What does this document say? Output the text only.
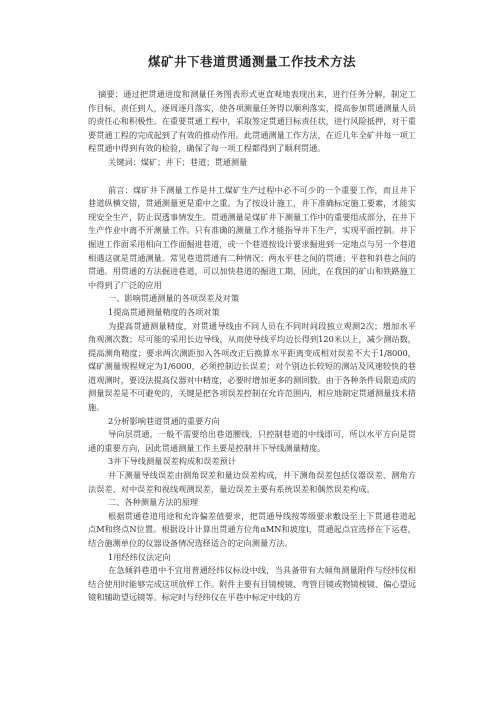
煤矿井下巷道贯通测量工作技术方法

摘要：通过把贯通进度和测量任务图表形式更直观地表现出来，进行任务分解，制定工作目标，责任到人，逐周逐月落实，使各项测量任务得以顺利落实，提高参加贯通测量人员的责任心和积极性。在重要贯通工程中，采取签定贯通目标责任状，进行风险抵押，对于重要贯通工程的完成起到了有效的推动作用。此贯通测量工作方法，在近几年全矿井每一项工程贯通中得到有效的检验，确保了每一项工程都得到了顺利贯通。

关键词：煤矿；井下；巷道；贯通测量

前言：煤矿井下测量工作是井工煤矿生产过程中必不可少的一个重要工作，而且井下巷道纵横交错，贯通测量更是重中之重。为了按设计施工，井下准确标定施工要素，才能实现安全生产，防止误透事情发生。贯通测量是煤矿井下测量工作中的重要组成部分，在井下生产作业中离不开测量工作。只有准确的测量工作才能指导井下生产，实现平面控制。井下掘进工作面采用相向工作面掘进巷道，或一个巷道按设计要求掘进到一定地点与另一个巷道相遇这就是贯通测量。常见巷道贯通有二种情况：两水平巷之间的贯通；平巷和斜巷之间的贯通。用贯通的方法掘进巷道，可以加快巷道的掘进工期，因此，在我国的矿山和铁路施工中得到了广泛的应用

一、影响贯通测量的各项误差及对策

1提高贯通测量精度的各项对策

为提高贯通测量精度，对贯通导线由不同人员在不同时间段独立观测2次；增加水平角观测次数；尽可能的采用长边导线，从而使导线平均边长得到120米以上，减少测站数，提高测角精度；要求两次测距加入各项改正后换算水平距离变成相对误差不大于1/8000，煤矿测量规程规定为1/6000，必须控制边长误差；对个别边长较短的测站及风速较快的巷道观测时，要设法提高仪器对中精度，必要时增加更多的测回数。由于各种条件局限造成的测量误差是不可避免的，关键是把各项误差控制在允许范围内，相应地制定贯通测量技术措施。

2分析影响巷道贯通的重要方向

导向层贯通，一般不需要给出巷道腰线，只控制巷道的中线即可，所以水平方向是贯通的重要方向，因此贯通测量工作主要是控制井下导线测量精度。

3井下导线测量误差构成和误差预计

井下测量导线误差由测角误差和量边误差构成，井下测角误差包括仪器误差、测角方法误差、对中误差和视线观测误差，量边误差主要有系统误差和偶然误差构成。

二、各种测量方法的原理

根据贯通巷道用途和允许偏差值要求，把贯通导线按等级要求敷设至上下贯通巷道起点M和终点N位置。根据设计计算出贯通方位角αMN和坡度i，贯通起点宜选择在下运巷，结合施测单位的仪器设备情况选择适合的定向测量方法。

1用经纬仪法定向

在急倾斜巷道中不宜用普通经纬仪标设中线，当具备带有大倾角测量附件与经纬仪相结合使用时能够完成这项放样工作。附件主要有目镜棱镜、弯管目镜或物镜棱镜、偏心望远镜和辅助望远镜等。标定时与经纬仪在平巷中标定中线的方
